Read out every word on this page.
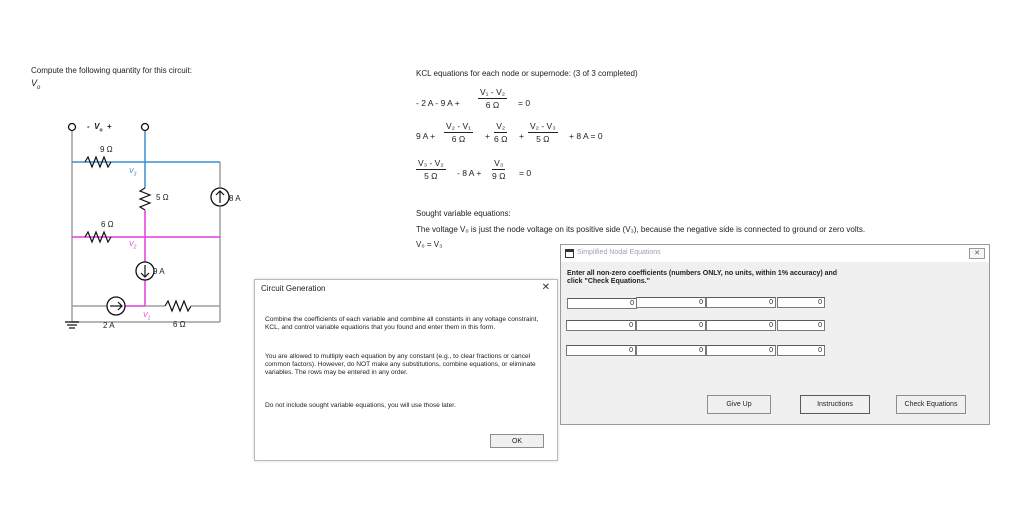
Compute the following quantity for this circuit:
$V_o$
- $V_o$ +
9 Ω
6 Ω
5 Ω
6 Ω
$V_3$
$V_2$
$V_1$
8 A
9 A
2 A
KCL equations for each node or supernode: (3 of 3 completed)
- 2 A - 9 $A + \frac{\text{V₁ - V₂}}{6 \Omega} = 0$
9 $A + \frac{\text{V₂ - V₁}}{6 \Omega} + \frac{\text{V₂}}{6 \Omega} + \frac{\text{V₂ - V₃}}{5 \Omega} + 8$ A = 0
$\frac{\text{V₃ - V₂}}{5 \Omega} - 8$ $A + \frac{\text{V₃}}{9 \Omega} = 0$
Sought variable equations:
The voltage V₀ is just the node voltage on its positive side (V₃), because the negative side is connected to ground or zero volts.
V₀ = V₃
Circuit Generation	✕
Combine the coefficients of each variable and combine all constants in any voltage constraint, KCL, and control variable equations that you found and enter them in this form.
You are allowed to multiply each equation by any constant (e.g., to clear fractions or cancel common factors). However, do NOT make any substitutions, combine equations, or eliminate variables. The rows may be entered in any order.
Do not include sought variable equations, you will use those later.
OK
Simplified Nodal Equations	✕
Enter all non-zero coefficients (numbers ONLY, no units, within 1% accuracy) and click "Check Equations."
0	0	0	0
0	0	0	0
0	0	0	0
Give Up	Instructions	Check Equations
